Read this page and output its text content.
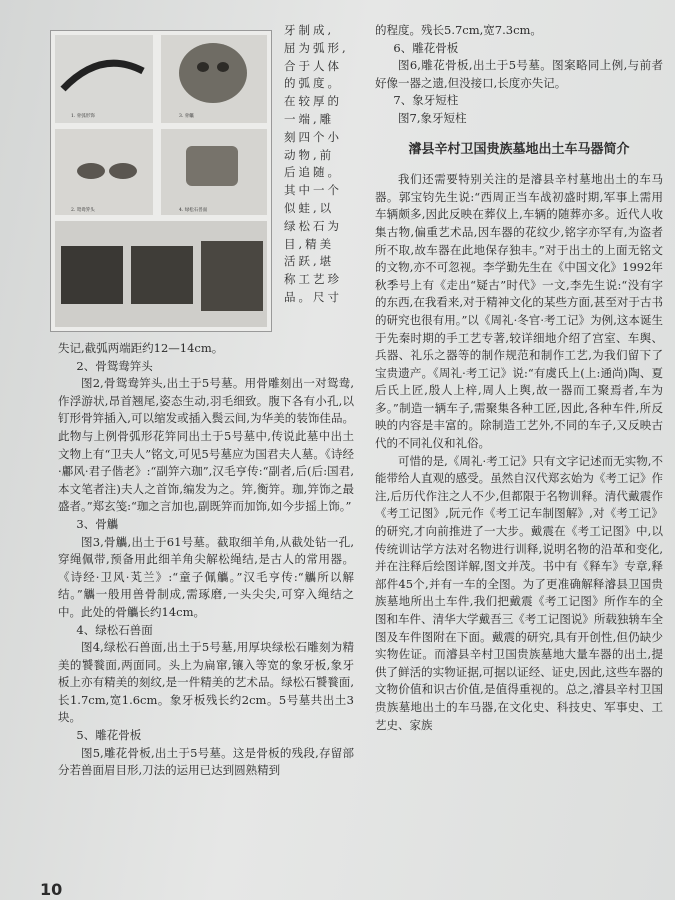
1. 骨弧形饰	3. 骨觿
2. 鸳鸯笄头	4. 绿松石兽面
牙制成,
屈为弧形,
合于人体
的弧度。
在较厚的
一端,雕
刻四个小
动物,前
后追随。
其中一个
似蛙,以
绿松石为
目,精美
活跃,堪
称工艺珍
品。尺寸

失记,截弧两端距约12—14cm。

2、骨鸳鸯笄头

图2,骨鸳鸯笄头,出土于5号墓。用骨雕刻出一对鸳鸯,作浮游状,昂首翘尾,姿态生动,羽毛细致。腹下各有小孔,以钉形骨笄插入,可以缩发或插入鬓云间,为华美的装饰佳品。此物与上例骨弧形花笄同出土于5号墓中,传说此墓中出土文物上有“卫夫人”铭文,可见5号墓应为国君夫人墓。《诗经·鄘风·君子偕老》:“副笄六珈”,汉毛亨传:“副者,后(后:国君,本文笔者注)夫人之首饰,编发为之。笄,衡笄。珈,笄饰之最盛者。”郑玄笺:“珈之言加也,副既笄而加饰,如今步摇上饰。”

3、骨觿

图3,骨觿,出土于61号墓。截取细羊角,从截处钻一孔,穿绳佩带,预备用此细羊角尖解松绳结,是古人的常用器。《诗经·卫风·芄兰》:“童子佩觿。”汉毛亨传:“觿所以解结。”觿一般用兽骨制成,需琢磨,一头尖尖,可穿入绳结之中。此处的骨觿长约14cm。

4、绿松石兽面

图4,绿松石兽面,出土于5号墓,用厚块绿松石雕刻为精美的饕餮面,两面同。头上为扁窜,镶入等宽的象牙板,象牙板上亦有精美的刻纹,是一件精美的艺术品。绿松石饕餮面,长1.7cm,宽1.6cm。象牙板残长约2cm。5号墓共出土3块。

5、雕花骨板

图5,雕花骨板,出土于5号墓。这是骨板的残段,存留部分若兽面眉目形,刀法的运用已达到圆熟精到

的程度。残长5.7cm,宽7.3cm。

6、雕花骨板

图6,雕花骨板,出土于5号墓。图案略同上例,与前者好像一器之遗,但没接口,长度亦失记。

7、象牙短柱

图7,象牙短柱

濬县辛村卫国贵族墓地出土车马器简介

我们还需要特别关注的是濬县辛村墓地出土的车马器。郭宝钧先生说:“西周正当车战初盛时期,军事上需用车辆颇多,因此反映在葬仪上,车辆的随葬亦多。近代人收集古物,偏重艺术品,因车器的花纹少,铭字亦罕有,为盗者所不取,故车器在此地保存独丰。”对于出土的上面无铭文的文物,亦不可忽视。李学勤先生在《中国文化》1992年秋季号上有《走出“疑古”时代》一文,李先生说:“没有字的东西,在我看来,对于精神文化的某些方面,甚至对于古书的研究也很有用。”以《周礼·冬官·考工记》为例,这本诞生于先秦时期的手工艺专著,较详细地介绍了宫室、车舆、兵器、礼乐之器等的制作规范和制作工艺,为我们留下了宝贵遗产。《周礼·考工记》说:“有虞氏上(上:通尚)陶、夏后氏上匠,殷人上梓,周人上舆,故一器而工聚焉者,车为多。”制造一辆车子,需聚集各种工匠,因此,各种车件,所反映的内容是丰富的。除制造工艺外,不同的车子,又反映古代的不同礼仪和礼俗。

可惜的是,《周礼·考工记》只有文字记述而无实物,不能带给人直观的感受。虽然自汉代郑玄始为《考工记》作注,后历代作注之人不少,但都限于名物训释。清代戴震作《考工记图》,阮元作《考工记车制图解》,对《考工记》的研究,才向前推进了一大步。戴震在《考工记图》中,以传统训诂学方法对名物进行训释,说明名物的沿革和变化,并在注释后绘图详解,图文并茂。书中有《释车》专章,释部件45个,并有一车的全图。为了更准确解释濬县卫国贵族墓地所出土车件,我们把戴震《考工记图》所作车的全图和车件、清华大学戴吾三《考工记图说》所载独辀车全图及车件图附在下面。戴震的研究,具有开创性,但仍缺少实物佐证。而濬县辛村卫国贵族墓地大量车器的出土,提供了鲜活的实物证据,可据以证经、证史,因此,这些车器的文物价值和识古价值,是值得重视的。总之,濬县辛村卫国贵族墓地出土的车马器,在文化史、科技史、军事史、工艺史、家族

10
